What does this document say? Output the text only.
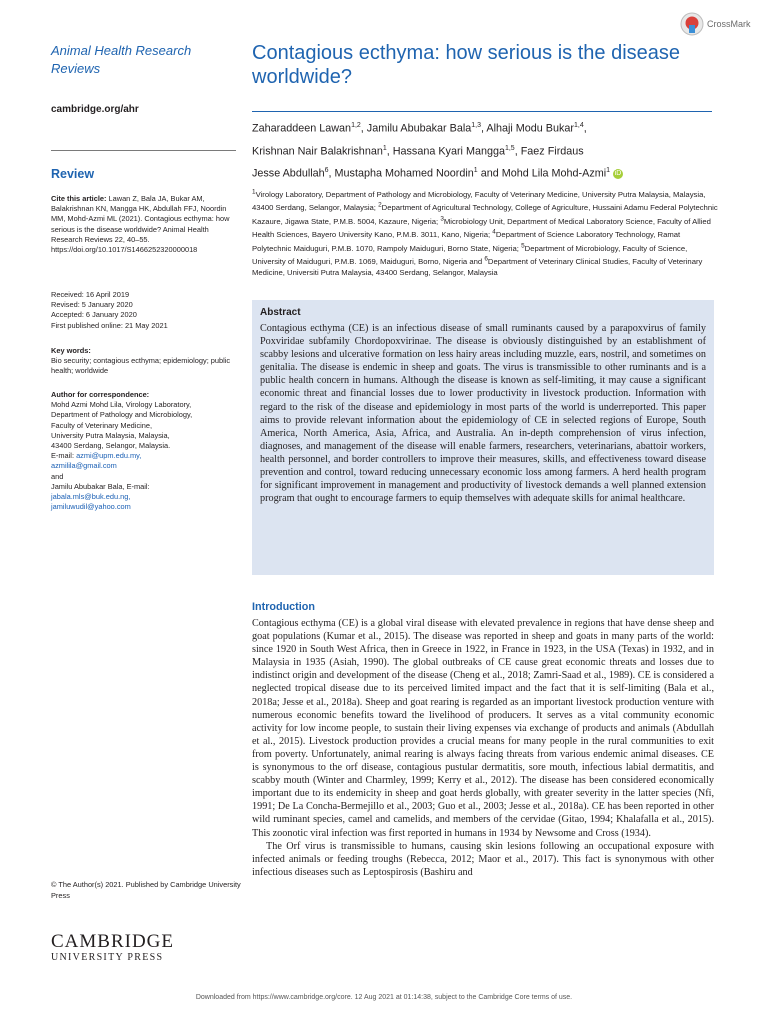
CrossMark
Animal Health Research Reviews
cambridge.org/ahr
Review
Cite this article: Lawan Z, Bala JA, Bukar AM, Balakrishnan KN, Mangga HK, Abdullah FFJ, Noordin MM, Mohd-Azmi ML (2021). Contagious ecthyma: how serious is the disease worldwide? Animal Health Research Reviews 22, 40–55. https://doi.org/10.1017/S1466252320000018

Received: 16 April 2019

Revised: 5 January 2020

Accepted: 6 January 2020

First published online: 21 May 2021

Key words:

Bio security; contagious ecthyma; epidemiology; public health; worldwide

Author for correspondence:

Mohd Azmi Mohd Lila, Virology Laboratory,

Department of Pathology and Microbiology,

Faculty of Veterinary Medicine,

University Putra Malaysia, Malaysia,

43400 Serdang, Selangor, Malaysia.

E-mail: azmi@upm.edu.my,

azmilila@gmail.com

and

Jamilu Abubakar Bala, E-mail:

jabala.mls@buk.edu.ng,

jamiluwudil@yahoo.com

© The Author(s) 2021. Published by Cambridge University Press
CAMBRIDGE
UNIVERSITY PRESS
Contagious ecthyma: how serious is the disease worldwide?
Zaharaddeen Lawan$^{1,2}$, Jamilu Abubakar Bala$^{1,3}$, Alhaji Modu Bukar$^{1,4}$,
Krishnan Nair Balakrishnan$^1$, Hassana Kyari Mangga$^{1,5}$, Faez Firdaus
Jesse Abdullah$^6$, Mustapha Mohamed Noordin$^1$ and Mohd Lila Mohd-Azmi$^1$ iD
$^1$Virology Laboratory, Department of Pathology and Microbiology, Faculty of Veterinary Medicine, University Putra Malaysia, Malaysia, 43400 Serdang, Selangor, Malaysia; $^2$Department of Agricultural Technology, College of Agriculture, Hussaini Adamu Federal Polytechnic Kazaure, Jigawa State, P.M.B. 5004, Kazaure, Nigeria; $^3$Microbiology Unit, Department of Medical Laboratory Science, Faculty of Allied Health Sciences, Bayero University Kano, P.M.B. 3011, Kano, Nigeria; $^4$Department of Science Laboratory Technology, Ramat Polytechnic Maiduguri, P.M.B. 1070, Rampoly Maiduguri, Borno State, Nigeria; $^5$Department of Microbiology, Faculty of Science, University of Maiduguri, P.M.B. 1069, Maiduguri, Borno, Nigeria and $^6$Department of Veterinary Clinical Studies, Faculty of Veterinary Medicine, Universiti Putra Malaysia, 43400 Serdang, Selangor, Malaysia
Abstract
Contagious ecthyma (CE) is an infectious disease of small ruminants caused by a parapoxvirus of family Poxviridae subfamily Chordopoxvirinae. The disease is obviously distinguished by an establishment of scabby lesions and ulcerative formation on less hairy areas including muzzle, ears, nostril, and sometimes on genitalia. The disease is endemic in sheep and goats. The virus is transmissible to other ruminants and is a public health concern in humans. Although the disease is known as self-limiting, it may cause a significant economic threat and financial losses due to lower productivity in livestock production. Information with regard to the risk of the disease and epidemiology in most parts of the world is underreported. This paper aims to provide relevant information about the epidemiology of CE in selected regions of Europe, South America, North America, Asia, Africa, and Australia. An in-depth comprehension of virus infection, diagnoses, and management of the disease will enable farmers, researchers, veterinarians, abattoir workers, health personnel, and border controllers to improve their measures, skills, and effectiveness toward disease prevention and control, toward reducing unnecessary economic loss among farmers. A herd health program for significant improvement in management and productivity of livestock demands a well planned extension program that ought to encourage farmers to equip themselves with adequate skills for animal healthcare.
Introduction

Contagious ecthyma (CE) is a global viral disease with elevated prevalence in regions that have dense sheep and goat populations (Kumar et al., 2015). The disease was reported in sheep and goats in many parts of the world: since 1920 in South West Africa, then in Greece in 1922, in France in 1923, in the USA (Texas) in 1932, and in Malaysia in 1935 (Asiah, 1990). The global outbreaks of CE cause great economic threats and losses due to indistinct origin and development of the disease (Cheng et al., 2018; Zamri-Saad et al., 1989). CE is considered a neglected tropical disease due to its perceived limited impact and the fact that it is self-limiting (Bala et al., 2018a; Jesse et al., 2018a). Sheep and goat rearing is regarded as an important livestock production venture with numerous economic benefits toward the livelihood of producers. It serves as a vital community economic activity for low income people, to sustain their living expenses via exchange of products and animals (Abdullah et al., 2015). Livestock production provides a crucial means for many people in the rural communities to exit from poverty. Unfortunately, animal rearing is always facing threats from various endemic animal diseases. CE is synonymous to the orf disease, contagious pustular dermatitis, sore mouth, infectious labial dermatitis, and scabby mouth (Winter and Charmley, 1999; Kerry et al., 2012). The disease has been considered economically important due to its endemicity in sheep and goat herds globally, with greater severity in the latter species (Nfi, 1991; De La Concha-Bermejillo et al., 2003; Guo et al., 2003; Jesse et al., 2018a). CE has been reported in other wild ruminant species, camel and camelids, and members of the cervidae (Gitao, 1994; Khalafalla et al., 2015). This zoonotic viral infection was first reported in humans in 1934 by Newsome and Cross (1934).

The Orf virus is transmissible to humans, causing skin lesions following an occupational exposure with infected animals or feeding troughs (Rebecca, 2012; Maor et al., 2017). This fact is synonymous with other infectious diseases such as Leptospirosis (Bashiru and

Downloaded from https://www.cambridge.org/core. 12 Aug 2021 at 01:14:38, subject to the Cambridge Core terms of use.
